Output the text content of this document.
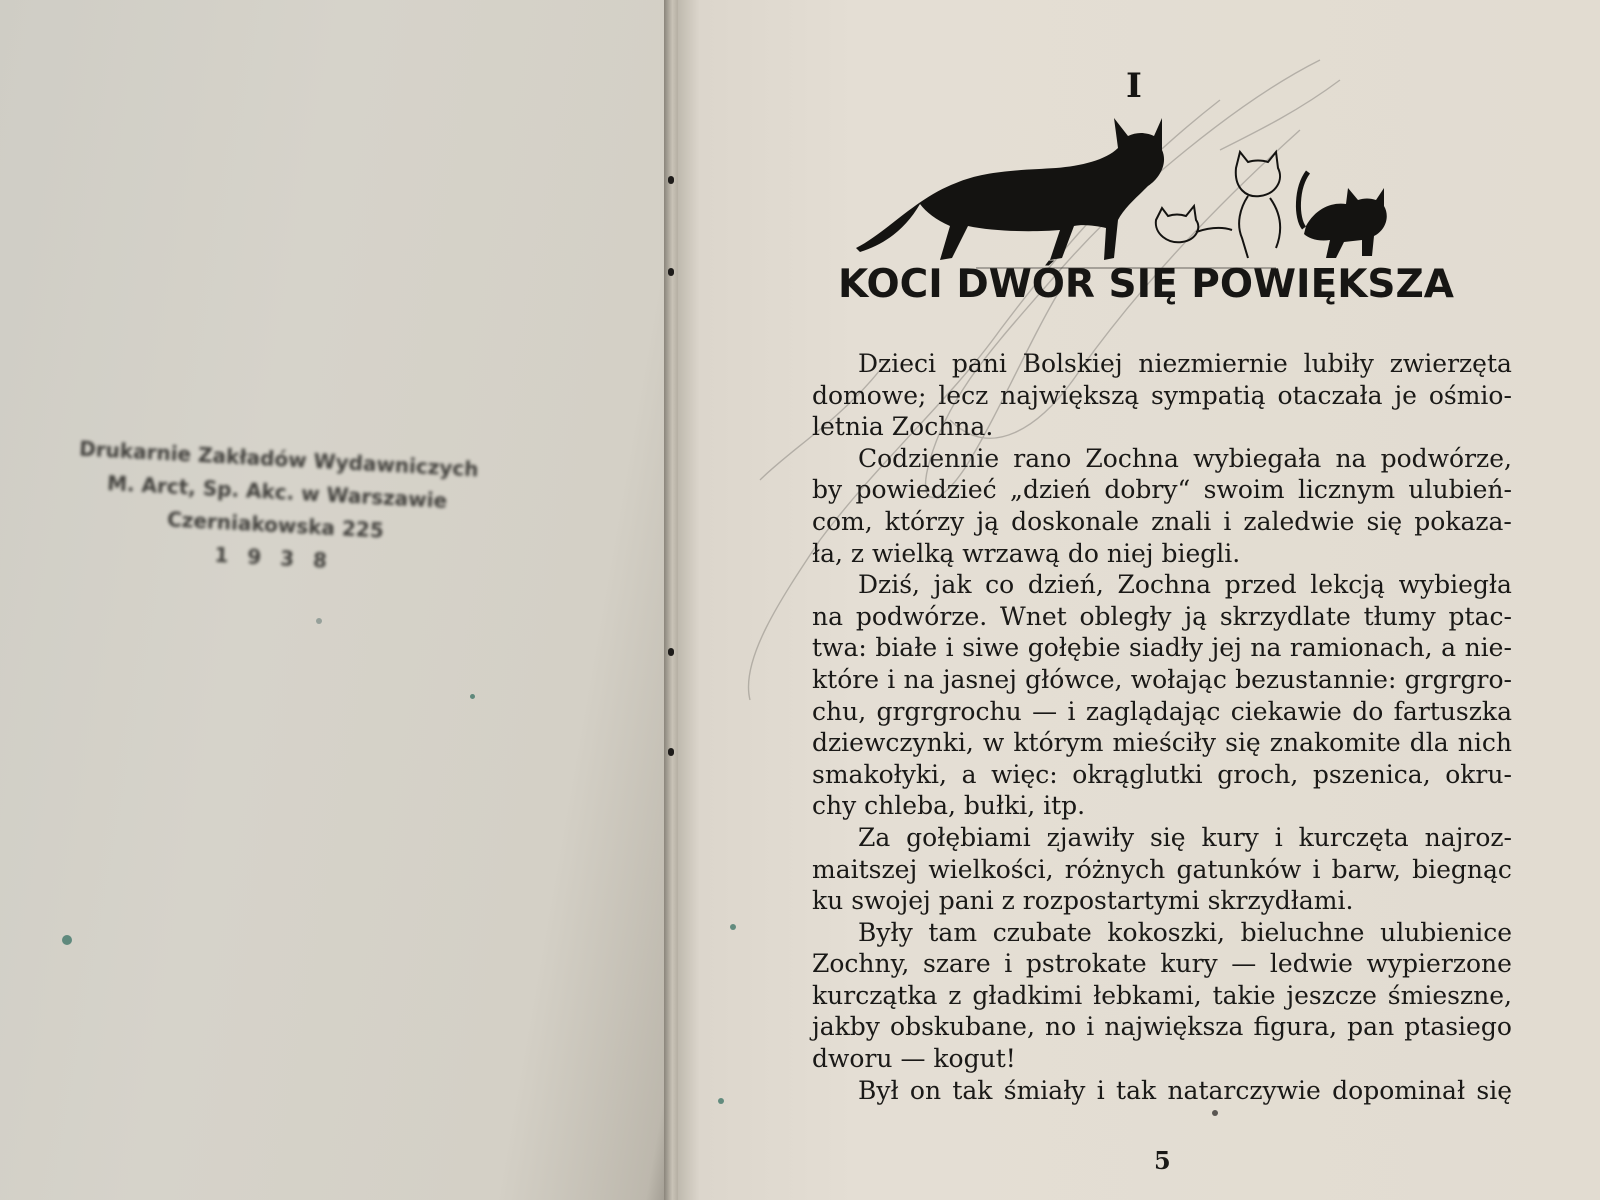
Drukarnie Zakładów Wydawniczych
M. Arct, Sp. Akc. w Warszawie
Czerniakowska 225
1 9 3 8
I
KOCI DWÓR SIĘ POWIĘKSZA
Dzieci pani Bolskiej niezmiernie lubiły zwierzęta
domowe; lecz największą sympatią otaczała je ośmio-
letnia Zochna.
Codziennie rano Zochna wybiegała na podwórze,
by powiedzieć „dzień dobry“ swoim licznym ulubień-
com, którzy ją doskonale znali i zaledwie się pokaza-
ła, z wielką wrzawą do niej biegli.
Dziś, jak co dzień, Zochna przed lekcją wybiegła
na podwórze. Wnet obległy ją skrzydlate tłumy ptac-
twa: białe i siwe gołębie siadły jej na ramionach, a nie-
które i na jasnej główce, wołając bezustannie: grgrgro-
chu, grgrgrochu — i zaglądając ciekawie do fartuszka
dziewczynki, w którym mieściły się znakomite dla nich
smakołyki, a więc: okrąglutki groch, pszenica, okru-
chy chleba, bułki, itp.
Za gołębiami zjawiły się kury i kurczęta najroz-
maitszej wielkości, różnych gatunków i barw, biegnąc
ku swojej pani z rozpostartymi skrzydłami.
Były tam czubate kokoszki, bieluchne ulubienice
Zochny, szare i pstrokate kury — ledwie wypierzone
kurczątka z gładkimi łebkami, takie jeszcze śmieszne,
jakby obskubane, no i największa figura, pan ptasiego
dworu — kogut!
Był on tak śmiały i tak natarczywie dopominał się
5
